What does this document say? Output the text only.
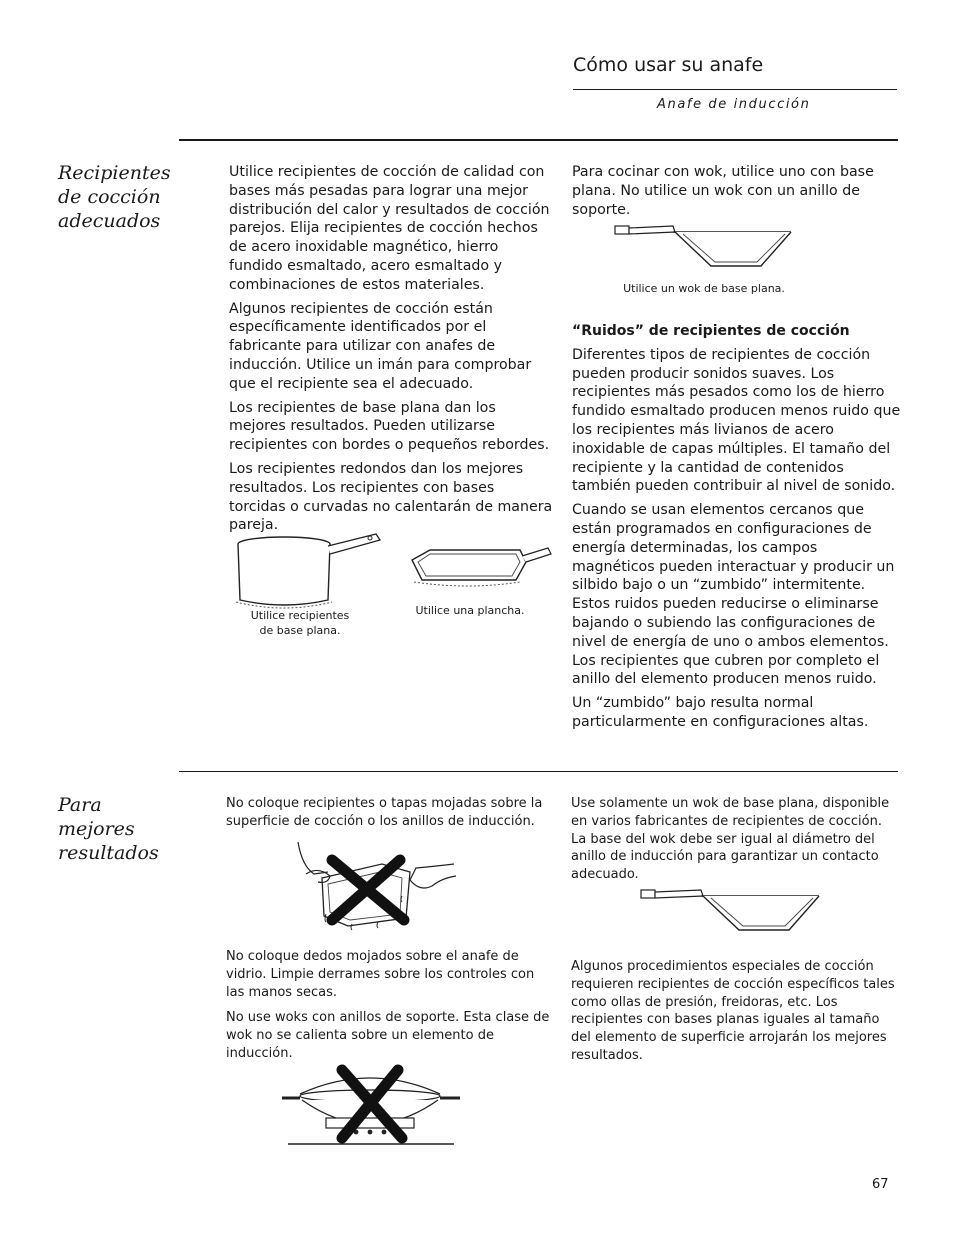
Cómo usar su anafe
Anafe de inducción
Recipientes
de cocción
adecuados

Utilice recipientes de cocción de calidad con bases más pesadas para lograr una mejor distribución del calor y resultados de cocción parejos. Elija recipientes de cocción hechos de acero inoxidable magnético, hierro fundido esmaltado, acero esmaltado y combinaciones de estos materiales.

Algunos recipientes de cocción están específicamente identificados por el fabricante para utilizar con anafes de inducción. Utilice un imán para comprobar que el recipiente sea el adecuado.

Los recipientes de base plana dan los mejores resultados. Pueden utilizarse recipientes con bordes o pequeños rebordes.

Los recipientes redondos dan los mejores resultados. Los recipientes con bases torcidas o curvadas no calentarán de manera pareja.

Utilice recipientes
de base plana.
Utilice una plancha.

Para cocinar con wok, utilice uno con base plana. No utilice un wok con un anillo de soporte.

Utilice un wok de base plana.

“Ruidos” de recipientes de cocción

Diferentes tipos de recipientes de cocción pueden producir sonidos suaves. Los recipientes más pesados como los de hierro fundido esmaltado producen menos ruido que los recipientes más livianos de acero inoxidable de capas múltiples. El tamaño del recipiente y la cantidad de contenidos también pueden contribuir al nivel de sonido.

Cuando se usan elementos cercanos que están programados en configuraciones de energía determinadas, los campos magnéticos pueden interactuar y producir un silbido bajo o un “zumbido” intermitente. Estos ruidos pueden reducirse o eliminarse bajando o subiendo las configuraciones de nivel de energía de uno o ambos elementos. Los recipientes que cubren por completo el anillo del elemento producen menos ruido.

Un “zumbido” bajo resulta normal particularmente en configuraciones altas.

Para
mejores
resultados

No coloque recipientes o tapas mojadas sobre la superficie de cocción o los anillos de inducción.

No coloque dedos mojados sobre el anafe de vidrio. Limpie derrames sobre los controles con las manos secas.

No use woks con anillos de soporte. Esta clase de wok no se calienta sobre un elemento de inducción.

Use solamente un wok de base plana, disponible en varios fabricantes de recipientes de cocción. La base del wok debe ser igual al diámetro del anillo de inducción para garantizar un contacto adecuado.

Algunos procedimientos especiales de cocción requieren recipientes de cocción específicos tales como ollas de presión, freidoras, etc. Los recipientes con bases planas iguales al tamaño del elemento de superficie arrojarán los mejores resultados.

67
